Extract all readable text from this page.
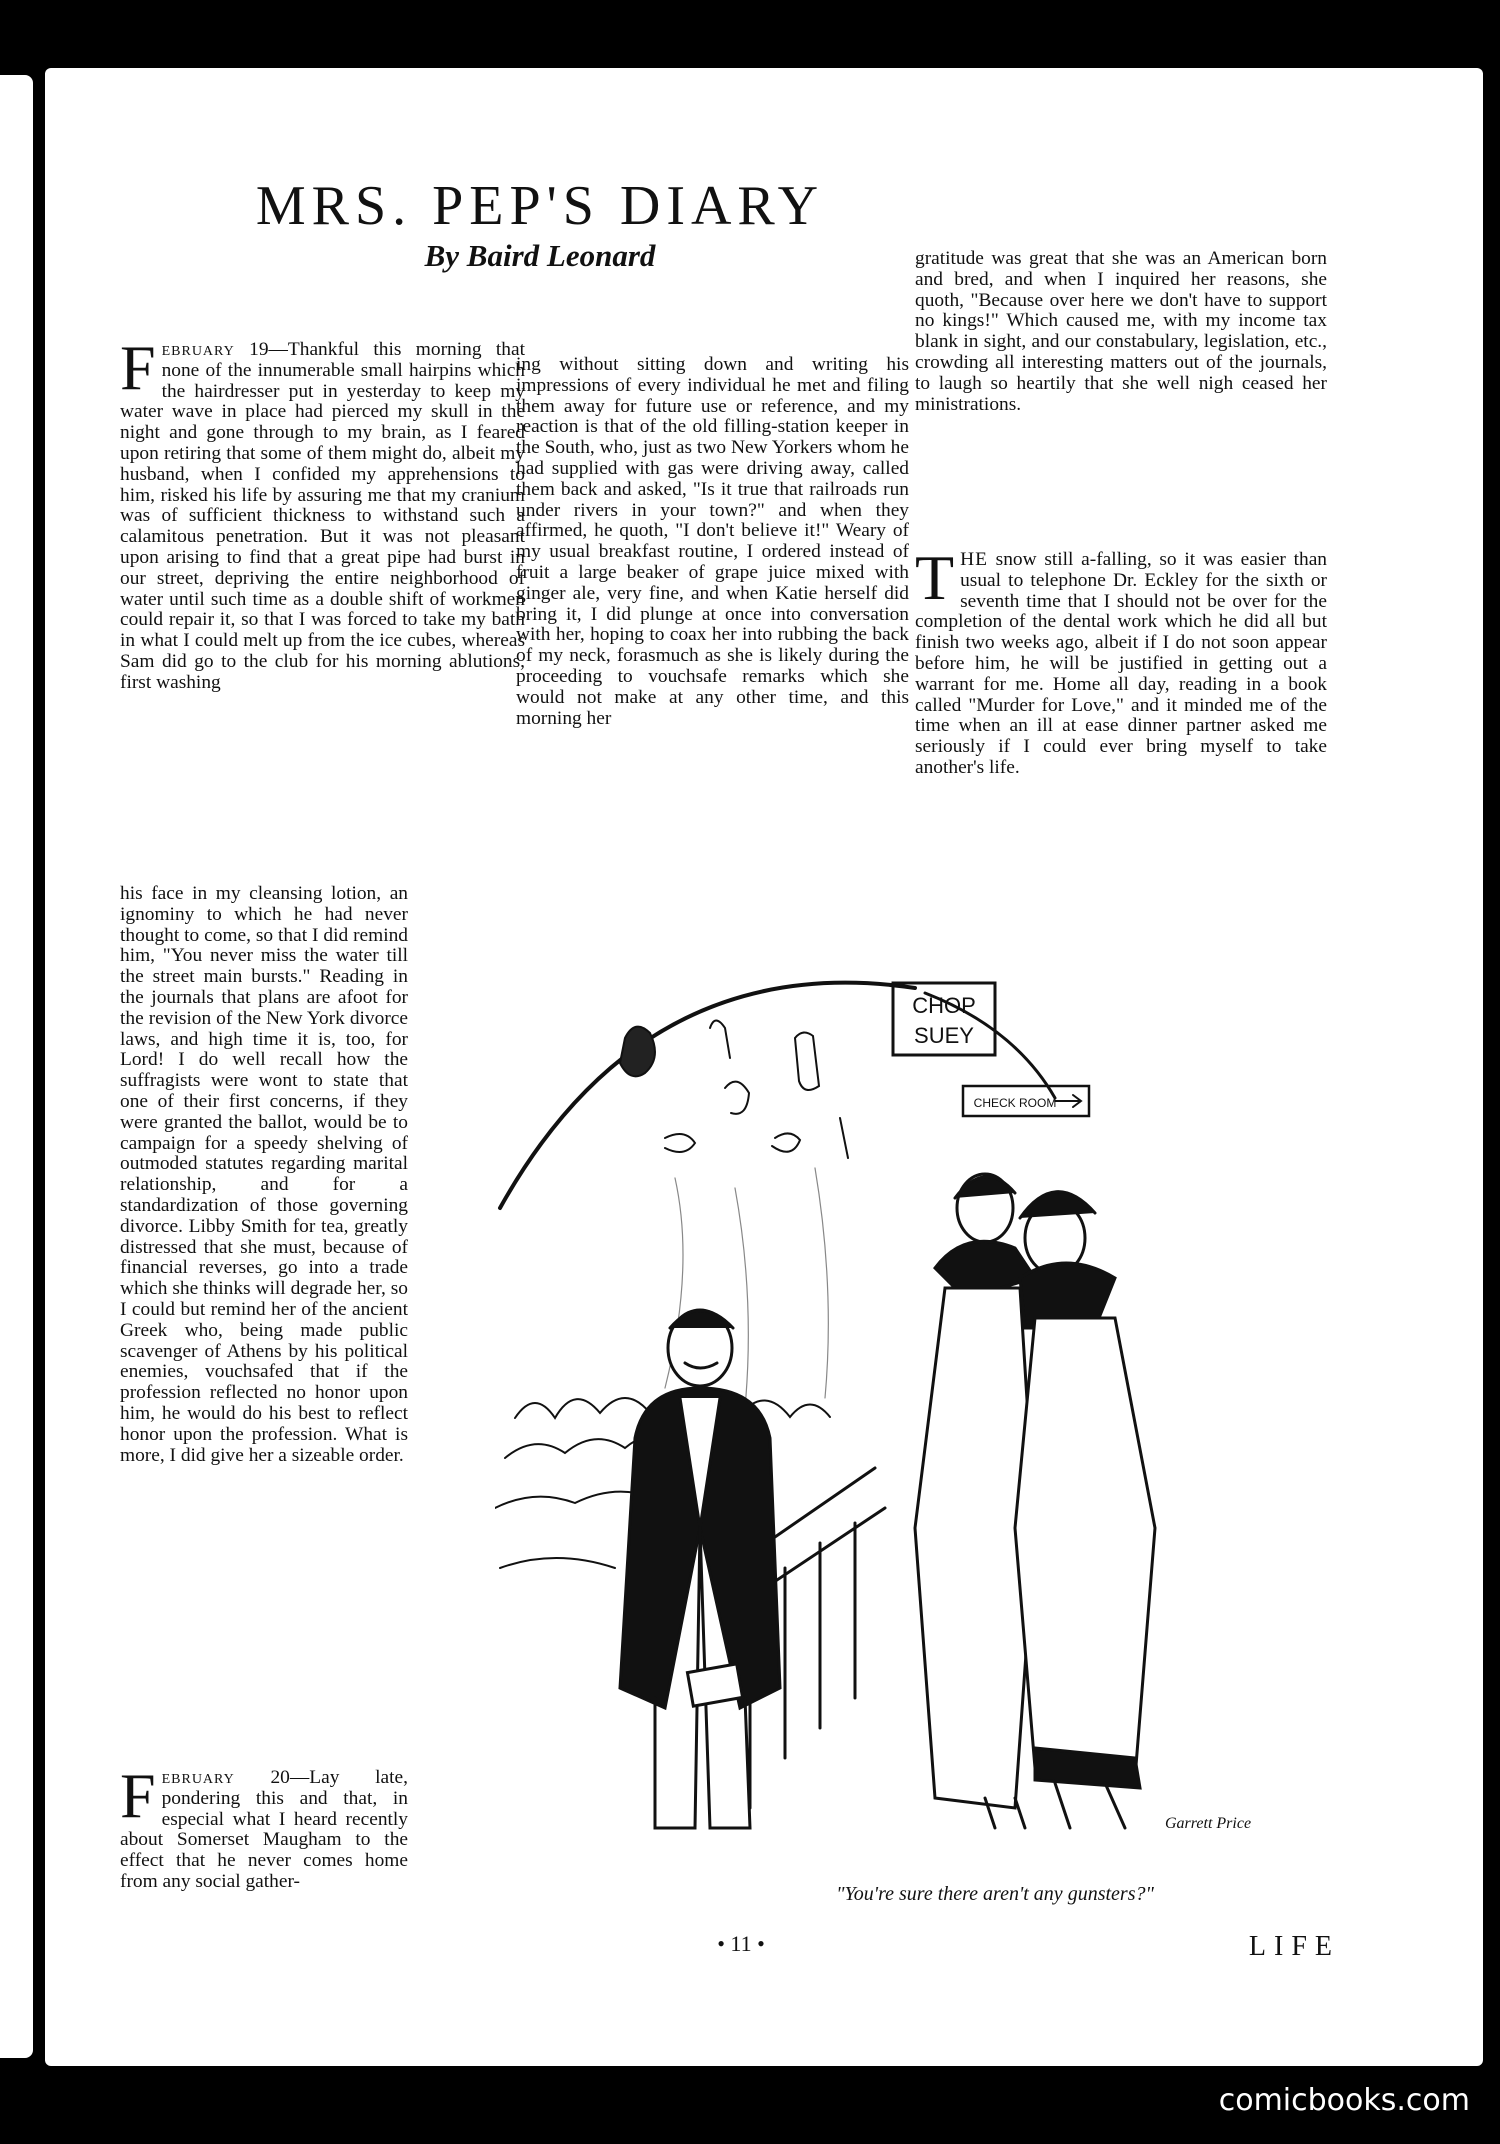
MRS. PEP'S DIARY

By Baird Leonard

February 19—Thankful this morning that none of the innumerable small hairpins which the hairdresser put in yesterday to keep my water wave in place had pierced my skull in the night and gone through to my brain, as I feared upon retiring that some of them might do, albeit my husband, when I confided my apprehensions to him, risked his life by assuring me that my cranium was of sufficient thickness to withstand such a calamitous penetration. But it was not pleasant upon arising to find that a great pipe had burst in our street, depriving the entire neighborhood of water until such time as a double shift of workmen could repair it, so that I was forced to take my bath in what I could melt up from the ice cubes, whereas Sam did go to the club for his morning ablutions, first washing

his face in my cleansing lotion, an ignominy to which he had never thought to come, so that I did remind him, "You never miss the water till the street main bursts." Reading in the journals that plans are afoot for the revision of the New York divorce laws, and high time it is, too, for Lord! I do well recall how the suffragists were wont to state that one of their first concerns, if they were granted the ballot, would be to campaign for a speedy shelving of outmoded statutes regarding marital relationship, and for a standardization of those governing divorce. Libby Smith for tea, greatly distressed that she must, because of financial reverses, go into a trade which she thinks will degrade her, so I could but remind her of the ancient Greek who, being made public scavenger of Athens by his political enemies, vouchsafed that if the profession reflected no honor upon him, he would do his best to reflect honor upon the profession. What is more, I did give her a sizeable order.

February 20—Lay late, pondering this and that, in especial what I heard recently about Somerset Maugham to the effect that he never comes home from any social gather-

ing without sitting down and writing his impressions of every individual he met and filing them away for future use or reference, and my reaction is that of the old filling-station keeper in the South, who, just as two New Yorkers whom he had supplied with gas were driving away, called them back and asked, "Is it true that railroads run under rivers in your town?" and when they affirmed, he quoth, "I don't believe it!" Weary of my usual breakfast routine, I ordered instead of fruit a large beaker of grape juice mixed with ginger ale, very fine, and when Katie herself did bring it, I did plunge at once into conversation with her, hoping to coax her into rubbing the back of my neck, forasmuch as she is likely during the proceeding to vouchsafe remarks which she would not make at any other time, and this morning her

gratitude was great that she was an American born and bred, and when I inquired her reasons, she quoth, "Because over here we don't have to support no kings!" Which caused me, with my income tax blank in sight, and our constabulary, legislation, etc., crowding all interesting matters out of the journals, to laugh so heartily that she well nigh ceased her ministrations.

THE snow still a-falling, so it was easier than usual to telephone Dr. Eckley for the sixth or seventh time that I should not be over for the completion of the dental work which he did all but finish two weeks ago, albeit if I do not soon appear before him, he will be justified in getting out a warrant for me. Home all day, reading in a book called "Murder for Love," and it minded me of the time when an ill at ease dinner partner asked me seriously if I could ever bring myself to take another's life.

CHOP
SUEY
CHECK ROOM
Garrett Price

"You're sure there aren't any gunsters?"

• 11 •	LIFE

comicbooks.com
